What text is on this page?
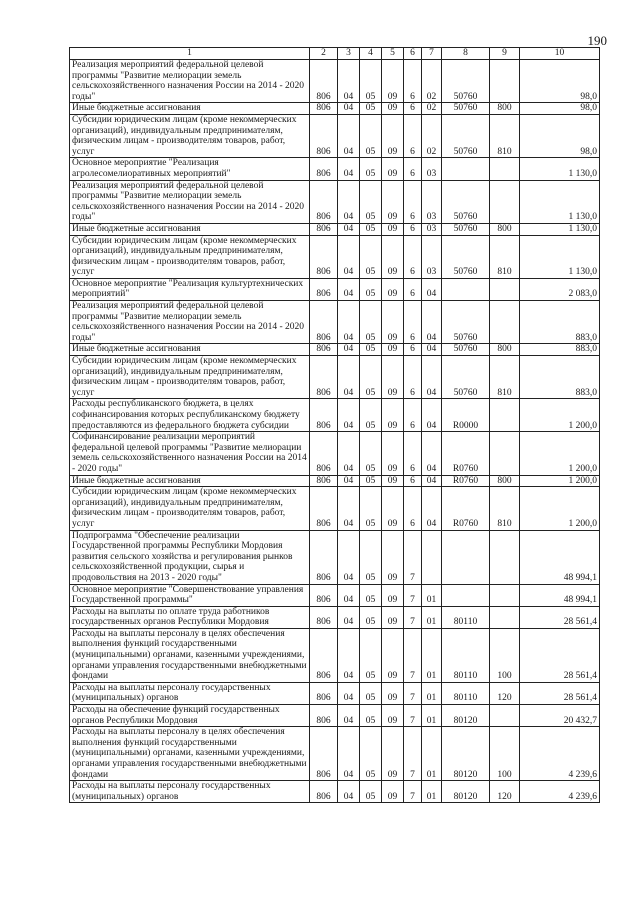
190
1	2	3	4	5	6	7	8	9	10
Реализация мероприятий федеральной целевой программы "Развитие мелиорации земель сельскохозяйственного назначения России на 2014 - 2020 годы"	806	04	05	09	6	02	50760		98,0
Иные бюджетные ассигнования	806	04	05	09	6	02	50760	800	98,0
Субсидии юридическим лицам (кроме некоммерческих организаций), индивидуальным предпринимателям, физическим лицам - производителям товаров, работ, услуг	806	04	05	09	6	02	50760	810	98,0
Основное мероприятие "Реализация агролесомелиоративных мероприятий"	806	04	05	09	6	03			1 130,0
Реализация мероприятий федеральной целевой программы "Развитие мелиорации земель сельскохозяйственного назначения России на 2014 - 2020 годы"	806	04	05	09	6	03	50760		1 130,0
Иные бюджетные ассигнования	806	04	05	09	6	03	50760	800	1 130,0
Субсидии юридическим лицам (кроме некоммерческих организаций), индивидуальным предпринимателям, физическим лицам - производителям товаров, работ, услуг	806	04	05	09	6	03	50760	810	1 130,0
Основное мероприятие "Реализация культуртехнических мероприятий"	806	04	05	09	6	04			2 083,0
Реализация мероприятий федеральной целевой программы "Развитие мелиорации земель сельскохозяйственного назначения России на 2014 - 2020 годы"	806	04	05	09	6	04	50760		883,0
Иные бюджетные ассигнования	806	04	05	09	6	04	50760	800	883,0
Субсидии юридическим лицам (кроме некоммерческих организаций), индивидуальным предпринимателям, физическим лицам - производителям товаров, работ, услуг	806	04	05	09	6	04	50760	810	883,0
Расходы республиканского бюджета, в целях софинансирования которых республиканскому бюджету предоставляются из федерального бюджета субсидии	806	04	05	09	6	04	R0000		1 200,0
Софинансирование реализации мероприятий федеральной целевой программы "Развитие мелиорации земель сельскохозяйственного назначения России на 2014 - 2020 годы"	806	04	05	09	6	04	R0760		1 200,0
Иные бюджетные ассигнования	806	04	05	09	6	04	R0760	800	1 200,0
Субсидии юридическим лицам (кроме некоммерческих организаций), индивидуальным предпринимателям, физическим лицам - производителям товаров, работ, услуг	806	04	05	09	6	04	R0760	810	1 200,0
Подпрограмма "Обеспечение реализации Государственной программы Республики Мордовия развития сельского хозяйства и регулирования рынков сельскохозяйственной продукции, сырья и продовольствия на 2013 - 2020 годы"	806	04	05	09	7				48 994,1
Основное мероприятие "Совершенствование управления Государственной программы"	806	04	05	09	7	01			48 994,1
Расходы на выплаты по оплате труда работников государственных органов Республики Мордовия	806	04	05	09	7	01	80110		28 561,4
Расходы на выплаты персоналу в целях обеспечения выполнения функций государственными (муниципальными) органами, казенными учреждениями, органами управления государственными внебюджетными фондами	806	04	05	09	7	01	80110	100	28 561,4
Расходы на выплаты персоналу государственных (муниципальных) органов	806	04	05	09	7	01	80110	120	28 561,4
Расходы на обеспечение функций государственных органов Республики Мордовия	806	04	05	09	7	01	80120		20 432,7
Расходы на выплаты персоналу в целях обеспечения выполнения функций государственными (муниципальными) органами, казенными учреждениями, органами управления государственными внебюджетными фондами	806	04	05	09	7	01	80120	100	4 239,6
Расходы на выплаты персоналу государственных (муниципальных) органов	806	04	05	09	7	01	80120	120	4 239,6
